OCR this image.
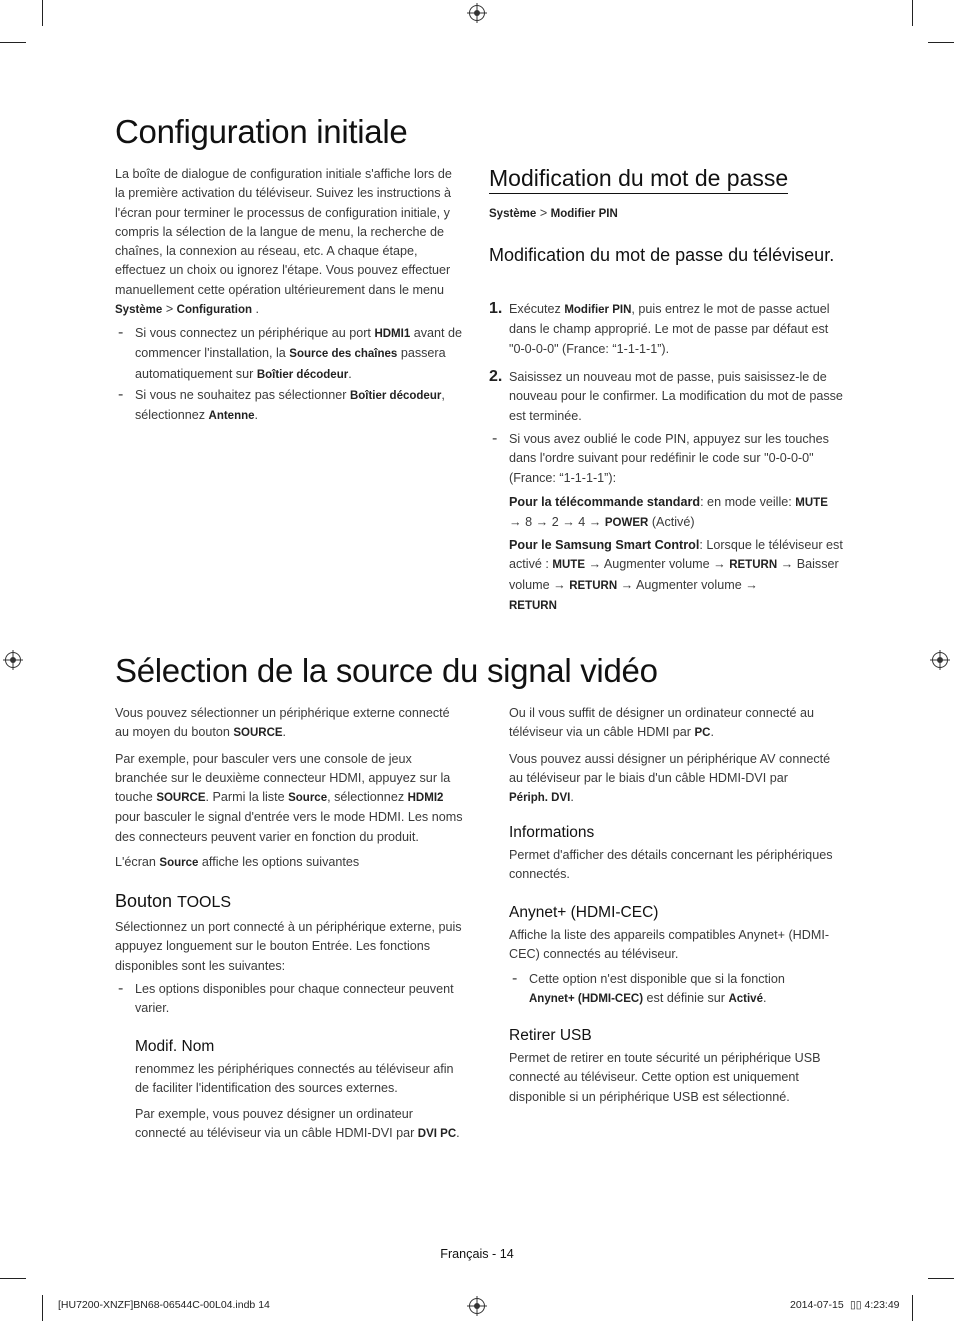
Configuration initiale

La boîte de dialogue de configuration initiale s'affiche lors de la première activation du téléviseur. Suivez les instructions à l'écran pour terminer le processus de configuration initiale, y compris la sélection de la langue de menu, la recherche de chaînes, la connexion au réseau, etc. A chaque étape, effectuez un choix ou ignorez l'étape. Vous pouvez effectuer manuellement cette opération ultérieurement dans le menu Système > Configuration .

- Si vous connectez un périphérique au port HDMI1 avant de commencer l'installation, la Source des chaînes passera automatiquement sur Boîtier décodeur.

- Si vous ne souhaitez pas sélectionner Boîtier décodeur, sélectionnez Antenne.

Modification du mot de passe

Système > Modifier PIN

Modification du mot de passe du téléviseur.
1. Exécutez Modifier PIN, puis entrez le mot de passe actuel dans le champ approprié. Le mot de passe par défaut est "0-0-0-0" (France: “1-1-1-1”).

2. Saisissez un nouveau mot de passe, puis saisissez-le de nouveau pour le confirmer. La modification du mot de passe est terminée.

- Si vous avez oublié le code PIN, appuyez sur les touches dans l'ordre suivant pour redéfinir le code sur "0-0-0-0" (France: “1-1-1-1”):

Pour la télécommande standard: en mode veille: MUTE
→ 8 → 2 → 4 → POWER (Activé)

Pour le Samsung Smart Control: Lorsque le téléviseur est activé : MUTE → Augmenter volume → RETURN → Baisser volume → RETURN → Augmenter volume →
RETURN

Sélection de la source du signal vidéo

Vous pouvez sélectionner un périphérique externe connecté au moyen du bouton SOURCE.

Par exemple, pour basculer vers une console de jeux branchée sur le deuxième connecteur HDMI, appuyez sur la touche SOURCE. Parmi la liste Source, sélectionnez HDMI2 pour basculer le signal d'entrée vers le mode HDMI. Les noms des connecteurs peuvent varier en fonction du produit.

L'écran Source affiche les options suivantes

Bouton TOOLS

Sélectionnez un port connecté à un périphérique externe, puis appuyez longuement sur le bouton Entrée. Les fonctions disponibles sont les suivantes:

- Les options disponibles pour chaque connecteur peuvent varier.

Modif. Nom

renommez les périphériques connectés au téléviseur afin de faciliter l'identification des sources externes.

Par exemple, vous pouvez désigner un ordinateur connecté au téléviseur via un câble HDMI-DVI par DVI PC.

Ou il vous suffit de désigner un ordinateur connecté au téléviseur via un câble HDMI par PC.

Vous pouvez aussi désigner un périphérique AV connecté au téléviseur par le biais d'un câble HDMI-DVI par
Périph. DVI.

Informations

Permet d'afficher des détails concernant les périphériques connectés.

Anynet+ (HDMI-CEC)

Affiche la liste des appareils compatibles Anynet+ (HDMI-CEC) connectés au téléviseur.

- Cette option n'est disponible que si la fonction
Anynet+ (HDMI-CEC) est définie sur Activé.

Retirer USB

Permet de retirer en toute sécurité un périphérique USB connecté au téléviseur. Cette option est uniquement disponible si un périphérique USB est sélectionné.

Français - 14
[HU7200-XNZF]BN68-06544C-00L04.indb 14	2014-07-15 ▯▯ 4:23:49
